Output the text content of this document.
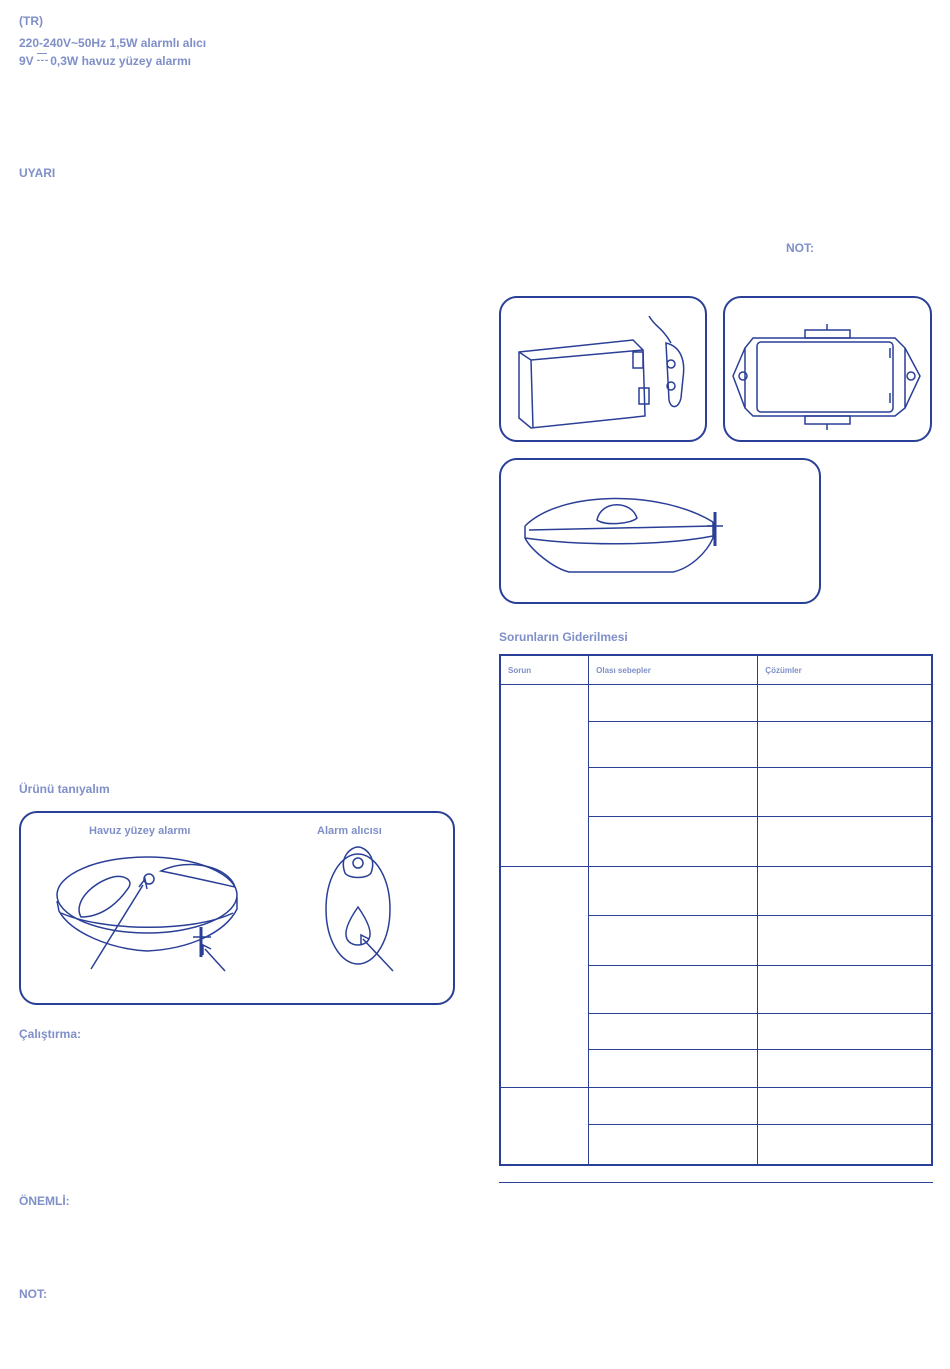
(TR)
220-240V~50Hz 1,5W alarmlı alıcı
9V - - - 0,3W havuz yüzey alarmı
UYARI
NOT:
Sorunların Giderilmesi
Sorun	Olası sebepler	Çözümler

Ürünü tanıyalım
Havuz yüzey alarmı	Alarm alıcısı
Çalıştırma:
ÖNEMLİ:
NOT:
